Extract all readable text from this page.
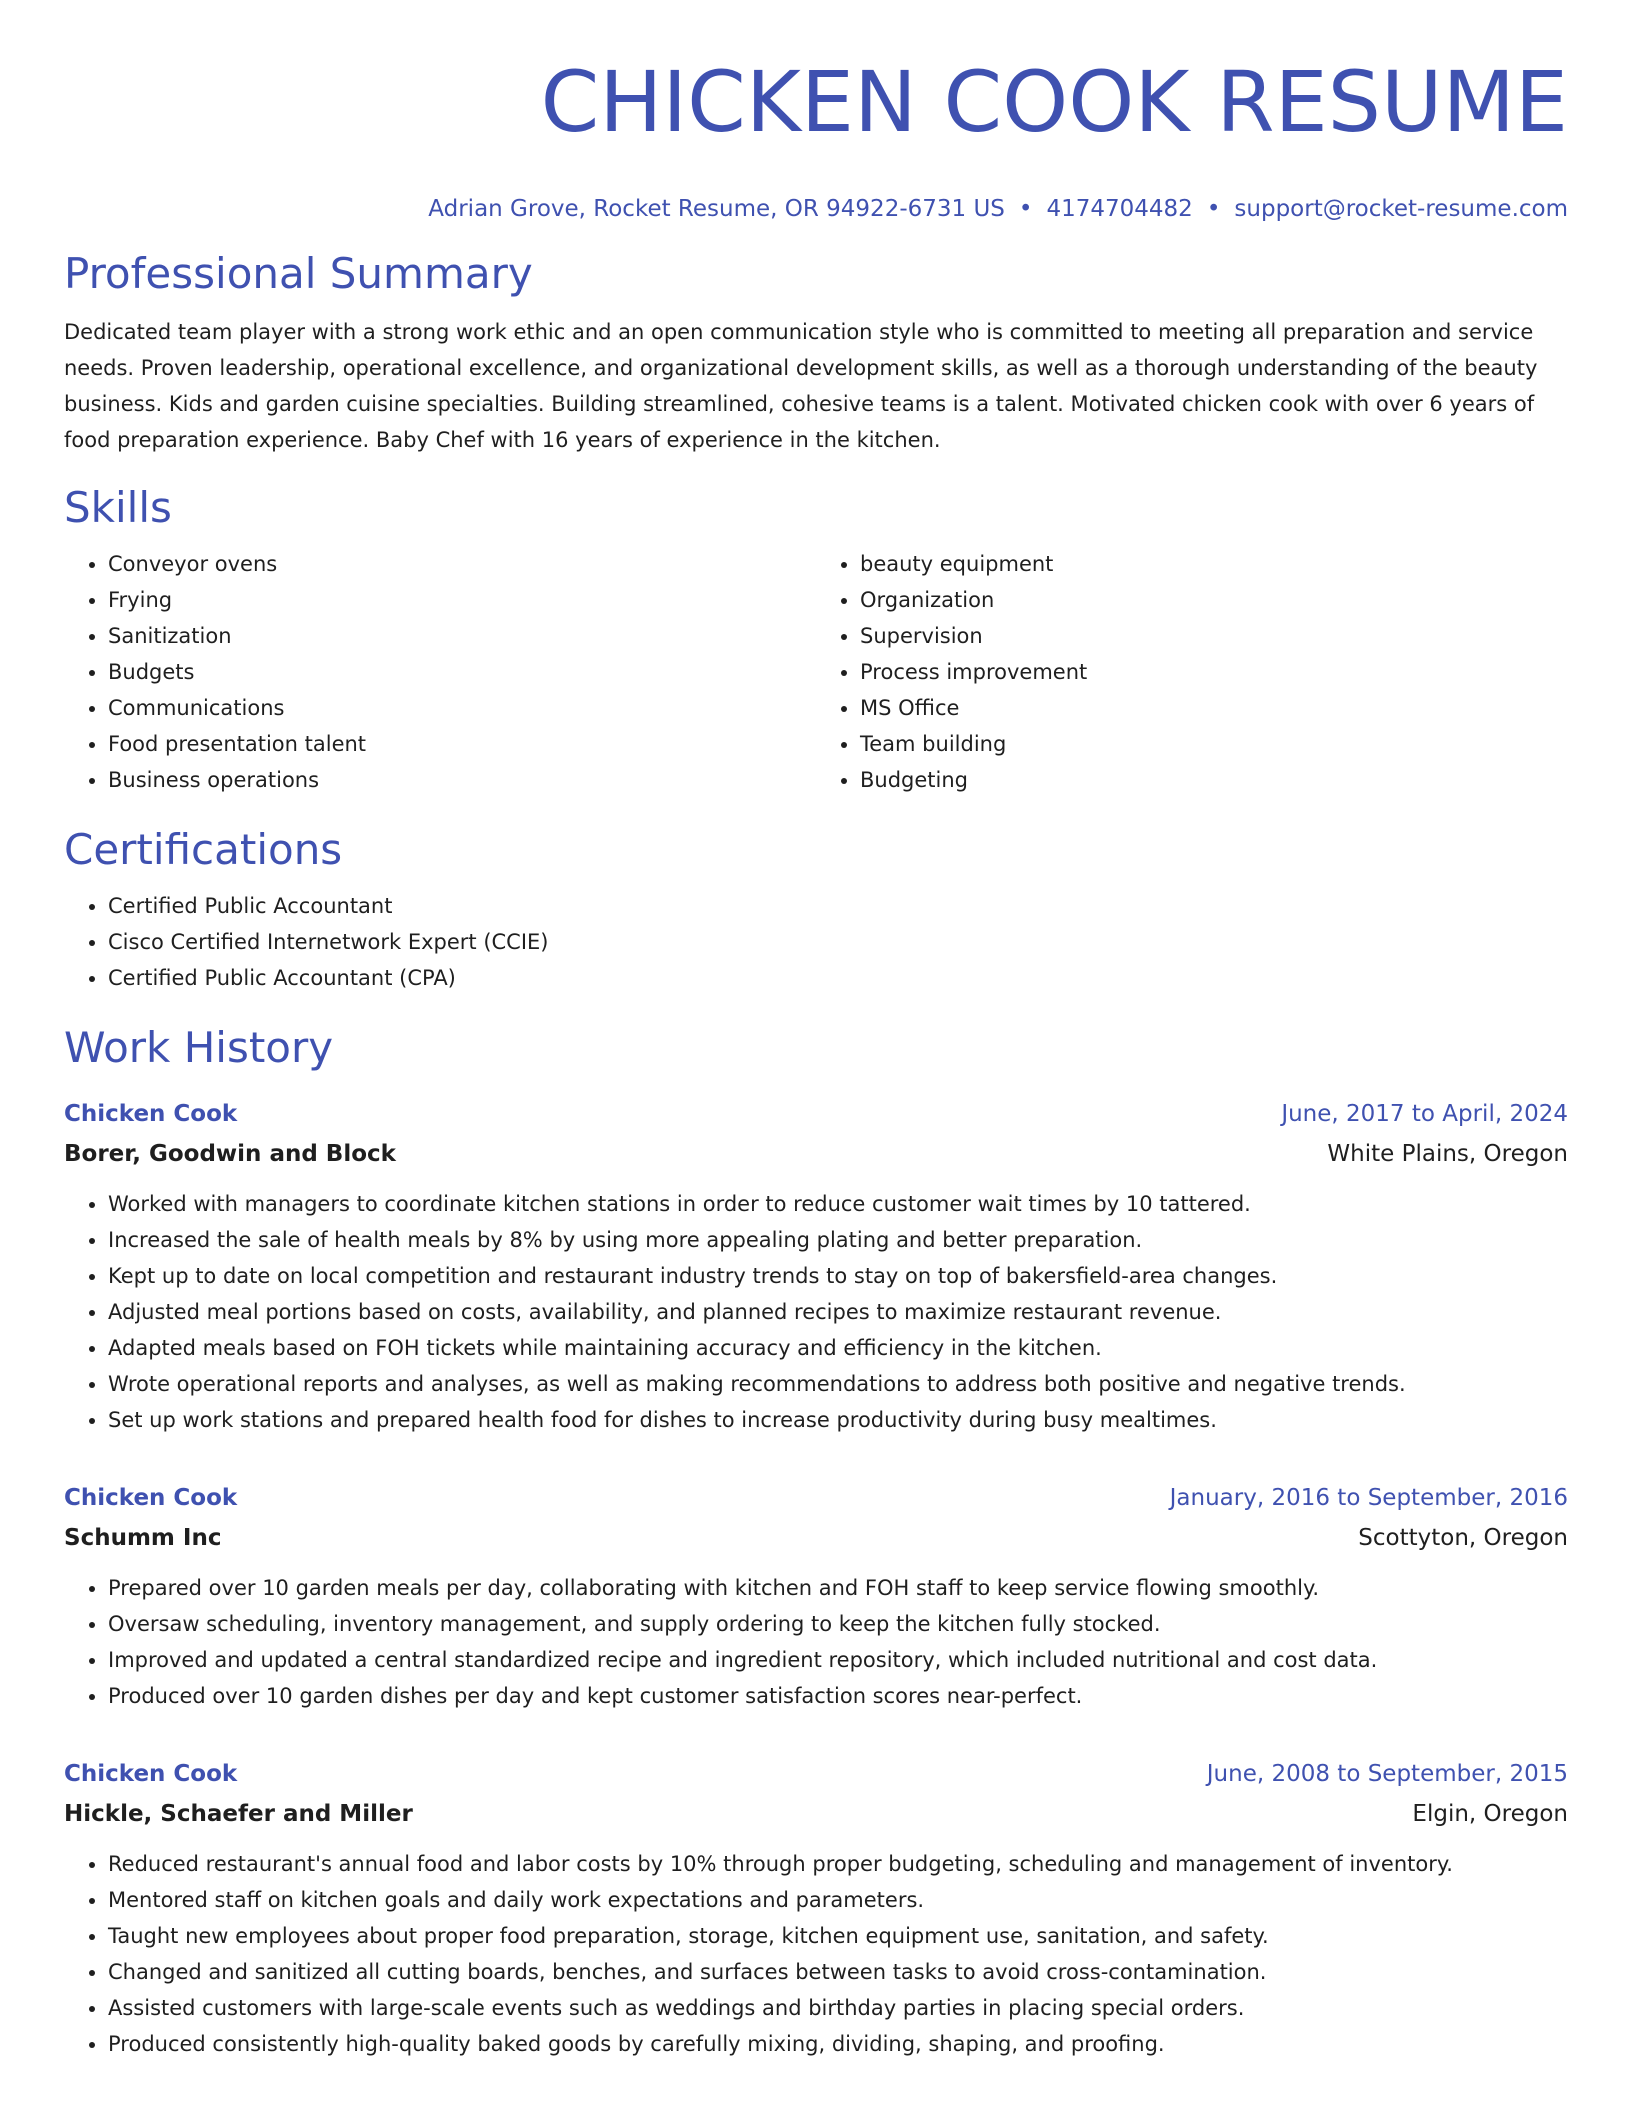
CHICKEN COOK RESUME
Adrian Grove, Rocket Resume, OR 94922-6731 US • 4174704482 • support@rocket-resume.com
Professional Summary
Dedicated team player with a strong work ethic and an open communication style who is committed to meeting all preparation and service needs. Proven leadership, operational excellence, and organizational development skills, as well as a thorough understanding of the beauty business. Kids and garden cuisine specialties. Building streamlined, cohesive teams is a talent. Motivated chicken cook with over 6 years of food preparation experience. Baby Chef with 16 years of experience in the kitchen.
Skills
• Conveyor ovens
• Frying
• Sanitization
• Budgets
• Communications
• Food presentation talent
• Business operations
• beauty equipment
• Organization
• Supervision
• Process improvement
• MS Office
• Team building
• Budgeting
Certifications
• Certified Public Accountant
• Cisco Certified Internetwork Expert (CCIE)
• Certified Public Accountant (CPA)
Work History
Chicken Cook	June, 2017 to April, 2024
Borer, Goodwin and Block	White Plains, Oregon
• Worked with managers to coordinate kitchen stations in order to reduce customer wait times by 10 tattered.
• Increased the sale of health meals by 8% by using more appealing plating and better preparation.
• Kept up to date on local competition and restaurant industry trends to stay on top of bakersfield-area changes.
• Adjusted meal portions based on costs, availability, and planned recipes to maximize restaurant revenue.
• Adapted meals based on FOH tickets while maintaining accuracy and efficiency in the kitchen.
• Wrote operational reports and analyses, as well as making recommendations to address both positive and negative trends.
• Set up work stations and prepared health food for dishes to increase productivity during busy mealtimes.
Chicken Cook	January, 2016 to September, 2016
Schumm Inc	Scottyton, Oregon
• Prepared over 10 garden meals per day, collaborating with kitchen and FOH staff to keep service flowing smoothly.
• Oversaw scheduling, inventory management, and supply ordering to keep the kitchen fully stocked.
• Improved and updated a central standardized recipe and ingredient repository, which included nutritional and cost data.
• Produced over 10 garden dishes per day and kept customer satisfaction scores near-perfect.
Chicken Cook	June, 2008 to September, 2015
Hickle, Schaefer and Miller	Elgin, Oregon
• Reduced restaurant's annual food and labor costs by 10% through proper budgeting, scheduling and management of inventory.
• Mentored staff on kitchen goals and daily work expectations and parameters.
• Taught new employees about proper food preparation, storage, kitchen equipment use, sanitation, and safety.
• Changed and sanitized all cutting boards, benches, and surfaces between tasks to avoid cross-contamination.
• Assisted customers with large-scale events such as weddings and birthday parties in placing special orders.
• Produced consistently high-quality baked goods by carefully mixing, dividing, shaping, and proofing.
